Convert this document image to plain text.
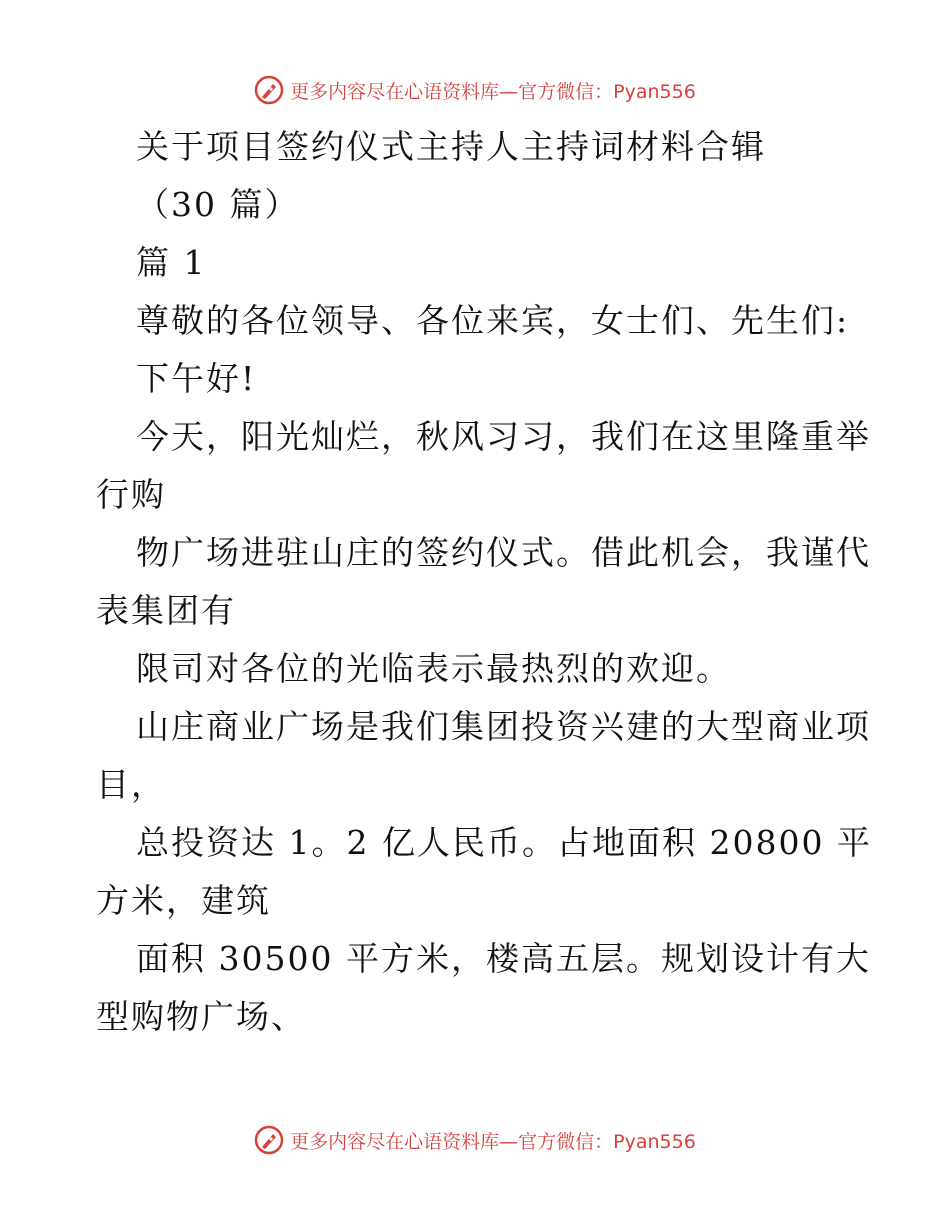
更多内容尽在心语资料库—官方微信：Pyan556
关于项目签约仪式主持人主持词材料合辑
（30 篇）
篇 1
尊敬的各位领导、各位来宾，女士们、先生们:
下午好!
今天，阳光灿烂，秋风习习，我们在这里隆重举
行购
物广场进驻山庄的签约仪式。借此机会，我谨代
表集团有
限司对各位的光临表示最热烈的欢迎。
山庄商业广场是我们集团投资兴建的大型商业项
目，
总投资达 1。2 亿人民币。占地面积 20800 平
方米，建筑
面积 30500 平方米，楼高五层。规划设计有大
型购物广场、
更多内容尽在心语资料库—官方微信：Pyan556
